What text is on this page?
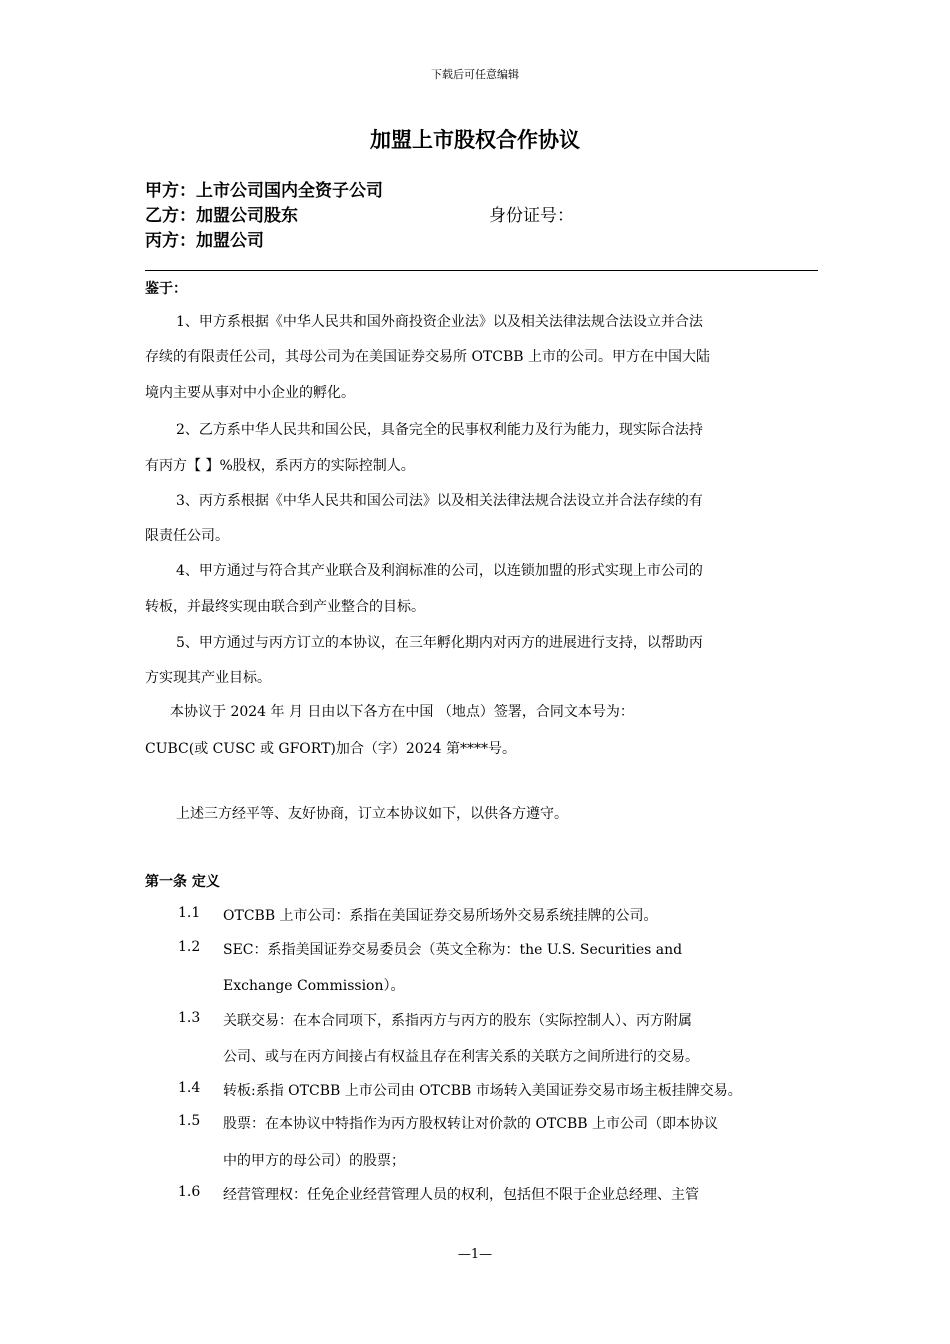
下载后可任意编辑
加盟上市股权合作协议
甲方：上市公司国内全资子公司
乙方：加盟公司股东	身份证号：
丙方：加盟公司
鉴于：
1、甲方系根据《中华人民共和国外商投资企业法》以及相关法律法规合法设立并合法
存续的有限责任公司，其母公司为在美国证券交易所 OTCBB 上市的公司。甲方在中国大陆
境内主要从事对中小企业的孵化。
2、乙方系中华人民共和国公民，具备完全的民事权利能力及行为能力，现实际合法持
有丙方【 】%股权，系丙方的实际控制人。
3、丙方系根据《中华人民共和国公司法》以及相关法律法规合法设立并合法存续的有
限责任公司。
4、甲方通过与符合其产业联合及利润标准的公司，以连锁加盟的形式实现上市公司的
转板，并最终实现由联合到产业整合的目标。
5、甲方通过与丙方订立的本协议，在三年孵化期内对丙方的进展进行支持，以帮助丙
方实现其产业目标。
本协议于 2024 年 月 日由以下各方在中国 （地点）签署，合同文本号为：
CUBC(或 CUSC 或 GFORT)加合（字）2024 第****号。
上述三方经平等、友好协商，订立本协议如下，以供各方遵守。
第一条 定义
1.1 OTCBB 上市公司：系指在美国证券交易所场外交易系统挂牌的公司。
1.2 SEC：系指美国证券交易委员会（英文全称为：the U.S. Securities and
Exchange Commission）。
1.3 关联交易：在本合同项下，系指丙方与丙方的股东（实际控制人）、丙方附属
公司、或与在丙方间接占有权益且存在利害关系的关联方之间所进行的交易。
1.4 转板:系指 OTCBB 上市公司由 OTCBB 市场转入美国证券交易市场主板挂牌交易。
1.5 股票：在本协议中特指作为丙方股权转让对价款的 OTCBB 上市公司（即本协议
中的甲方的母公司）的股票；
1.6 经营管理权：任免企业经营管理人员的权利，包括但不限于企业总经理、主管
—1—
